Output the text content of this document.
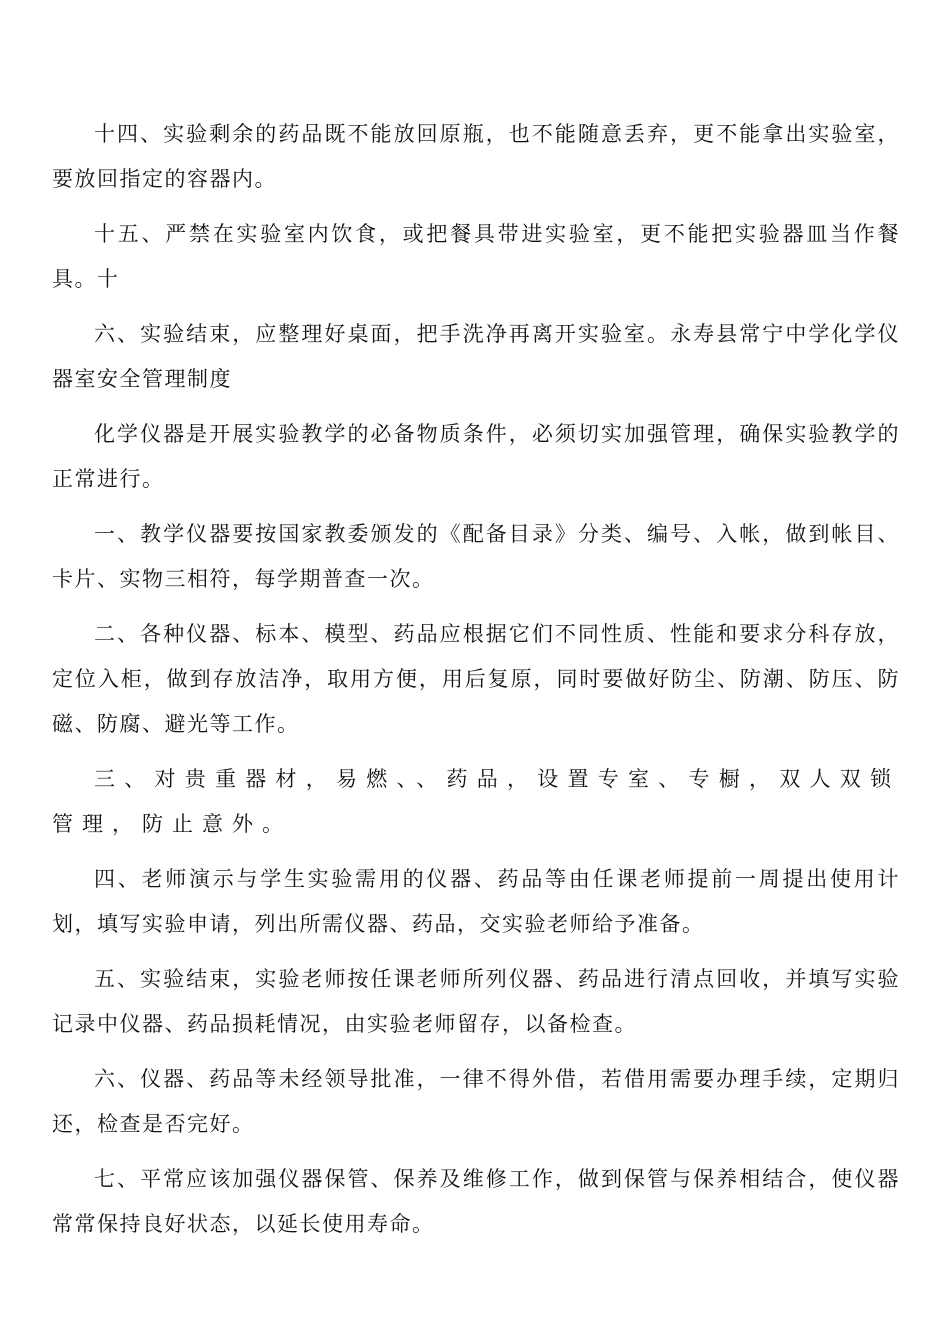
十四、实验剩余的药品既不能放回原瓶，也不能随意丢弃，更不能拿出实验室，要放回指定的容器内。

十五、严禁在实验室内饮食，或把餐具带进实验室，更不能把实验器皿当作餐具。十

六、实验结束，应整理好桌面，把手洗净再离开实验室。永寿县常宁中学化学仪器室安全管理制度

化学仪器是开展实验教学的必备物质条件，必须切实加强管理，确保实验教学的正常进行。

一、教学仪器要按国家教委颁发的《配备目录》分类、编号、入帐，做到帐目、卡片、实物三相符，每学期普查一次。

二、各种仪器、标本、模型、药品应根据它们不同性质、性能和要求分科存放，定位入柜，做到存放洁净，取用方便，用后复原，同时要做好防尘、防潮、防压、防磁、防腐、避光等工作。

三、对贵重器材，易燃、、药品，设置专室、专橱，双人双锁管理，防止意外。

四、老师演示与学生实验需用的仪器、药品等由任课老师提前一周提出使用计划，填写实验申请，列出所需仪器、药品，交实验老师给予准备。

五、实验结束，实验老师按任课老师所列仪器、药品进行清点回收，并填写实验记录中仪器、药品损耗情况，由实验老师留存，以备检查。

六、仪器、药品等未经领导批准，一律不得外借，若借用需要办理手续，定期归还，检查是否完好。

七、平常应该加强仪器保管、保养及维修工作，做到保管与保养相结合，使仪器常常保持良好状态，以延长使用寿命。
